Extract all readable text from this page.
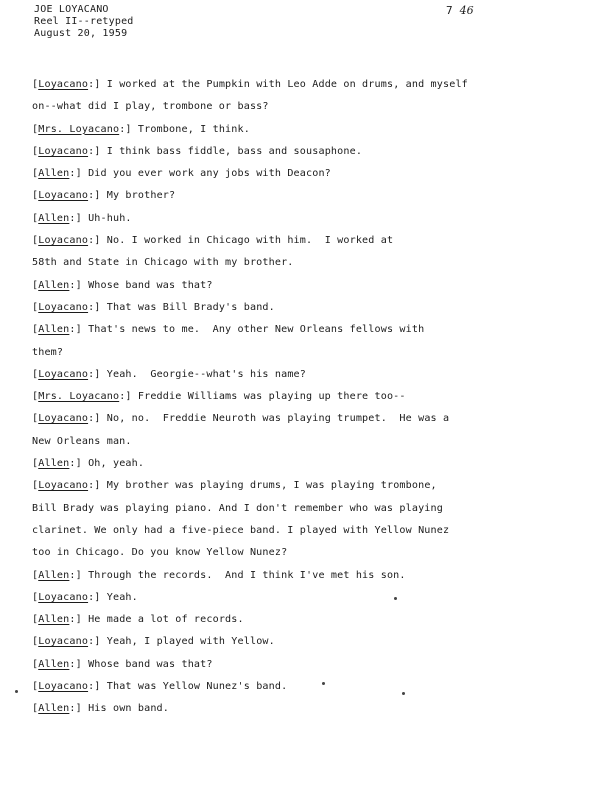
JOE LOYACANO
Reel II--retyped
August 20, 1959
7 46
[Loyacano:] I worked at the Pumpkin with Leo Adde on drums, and myself
on--what did I play, trombone or bass?
[Mrs. Loyacano:] Trombone, I think.
[Loyacano:] I think bass fiddle, bass and sousaphone.
[Allen:] Did you ever work any jobs with Deacon?
[Loyacano:] My brother?
[Allen:] Uh-huh.
[Loyacano:] No. I worked in Chicago with him.  I worked at
58th and State in Chicago with my brother.
[Allen:] Whose band was that?
[Loyacano:] That was Bill Brady's band.
[Allen:] That's news to me.  Any other New Orleans fellows with
them?
[Loyacano:] Yeah.  Georgie--what's his name?
[Mrs. Loyacano:] Freddie Williams was playing up there too--
[Loyacano:] No, no.  Freddie Neuroth was playing trumpet.  He was a
New Orleans man.
[Allen:] Oh, yeah.
[Loyacano:] My brother was playing drums, I was playing trombone,
Bill Brady was playing piano. And I don't remember who was playing
clarinet. We only had a five-piece band. I played with Yellow Nunez
too in Chicago. Do you know Yellow Nunez?
[Allen:] Through the records.  And I think I've met his son.
[Loyacano:] Yeah.
[Allen:] He made a lot of records.
[Loyacano:] Yeah, I played with Yellow.
[Allen:] Whose band was that?
[Loyacano:] That was Yellow Nunez's band.
[Allen:] His own band.
